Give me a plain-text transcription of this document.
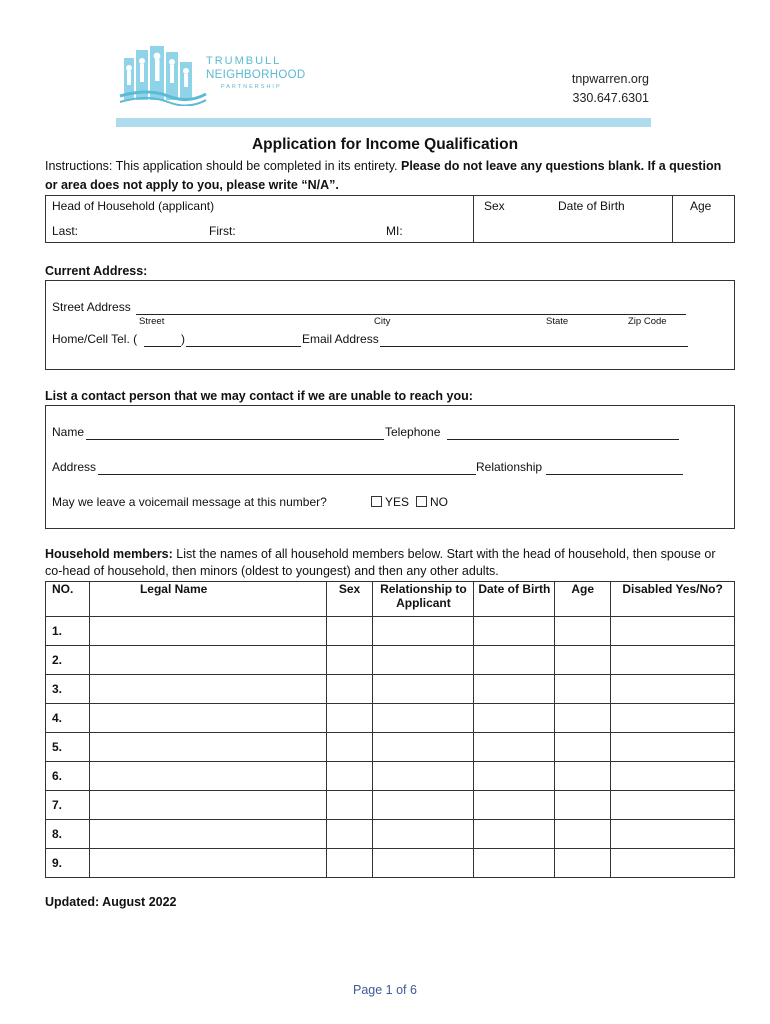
TRUMBULL
NEIGHBORHOOD
PARTNERSHIP
tnpwarren.org
330.647.6301
Application for Income Qualification
Instructions: This application should be completed in its entirety. Please do not leave any questions blank. If a question or area does not apply to you, please write “N/A”.
Head of Household (applicant)	Sex	Date of Birth	Age
Last:	First:	MI:
Current Address:
Street Address
Street	City	State	Zip Code
Home/Cell Tel. (	)	Email Address
List a contact person that we may contact if we are unable to reach you:
Name	Telephone
Address	Relationship
May we leave a voicemail message at this number?	YES	NO
Household members: List the names of all household members below. Start with the head of household, then spouse or co-head of household, then minors (oldest to youngest) and then any other adults.
NO.	Legal Name	Sex	Relationship to Applicant	Date of Birth	Age	Disabled Yes/No?
1.						
2.						
3.						
4.						
5.						
6.						
7.						
8.						
9.						
Updated: August 2022
Page 1 of 6
